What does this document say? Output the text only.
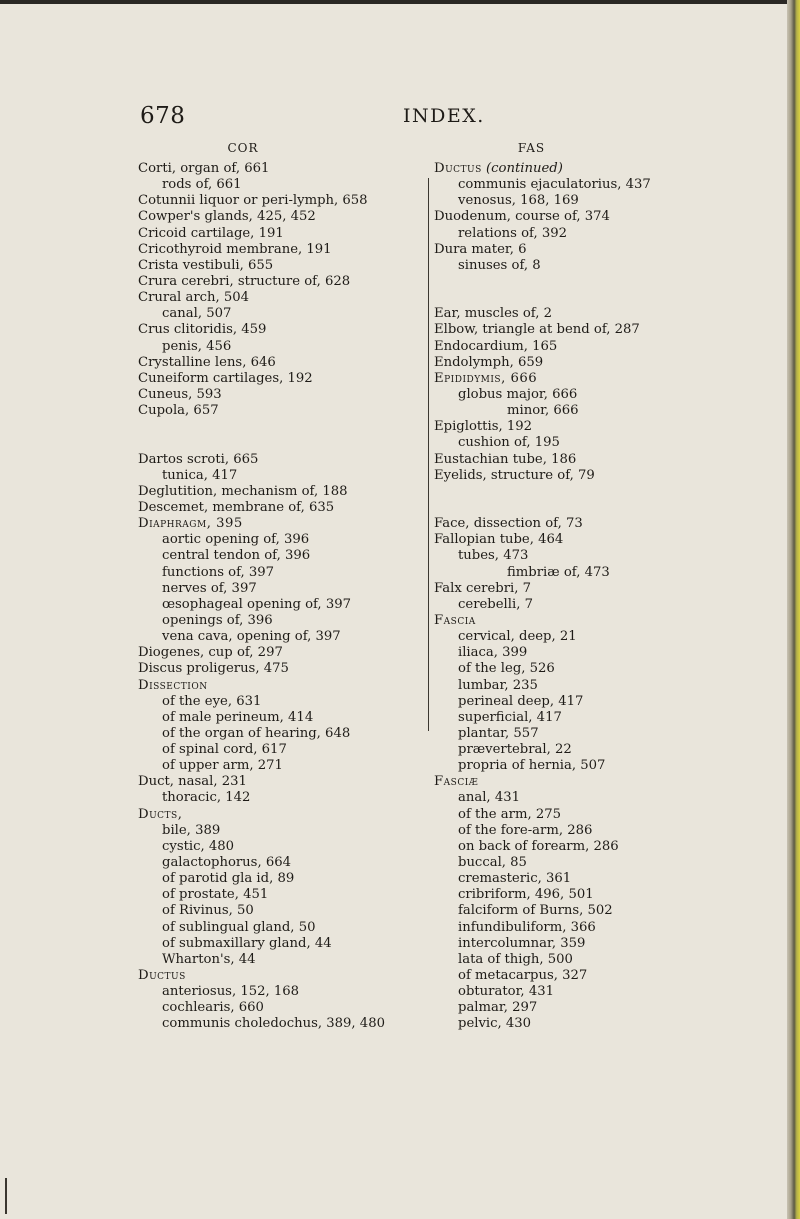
678	INDEX.
COR
Corti, organ of, 661
rods of, 661
Cotunnii liquor or peri-lymph, 658
Cowper's glands, 425, 452
Cricoid cartilage, 191
Cricothyroid membrane, 191
Crista vestibuli, 655
Crura cerebri, structure of, 628
Crural arch, 504
canal, 507
Crus clitoridis, 459
penis, 456
Crystalline lens, 646
Cuneiform cartilages, 192
Cuneus, 593
Cupola, 657
Dartos scroti, 665
tunica, 417
Deglutition, mechanism of, 188
Descemet, membrane of, 635
Diaphragm, 395
aortic opening of, 396
central tendon of, 396
functions of, 397
nerves of, 397
œsophageal opening of, 397
openings of, 396
vena cava, opening of, 397
Diogenes, cup of, 297
Discus proligerus, 475
Dissection
of the eye, 631
of male perineum, 414
of the organ of hearing, 648
of spinal cord, 617
of upper arm, 271
Duct, nasal, 231
thoracic, 142
Ducts,
bile, 389
cystic, 480
galactophorus, 664
of parotid gla id, 89
of prostate, 451
of Rivinus, 50
of sublingual gland, 50
of submaxillary gland, 44
Wharton's, 44
Ductus
anteriosus, 152, 168
cochlearis, 660
communis choledochus, 389, 480
FAS
Ductus (continued)
communis ejaculatorius, 437
venosus, 168, 169
Duodenum, course of, 374
relations of, 392
Dura mater, 6
sinuses of, 8
Ear, muscles of, 2
Elbow, triangle at bend of, 287
Endocardium, 165
Endolymph, 659
Epididymis, 666
globus major, 666
minor, 666
Epiglottis, 192
cushion of, 195
Eustachian tube, 186
Eyelids, structure of, 79
Face, dissection of, 73
Fallopian tube, 464
tubes, 473
fimbriæ of, 473
Falx cerebri, 7
cerebelli, 7
Fascia
cervical, deep, 21
iliaca, 399
of the leg, 526
lumbar, 235
perineal deep, 417
superficial, 417
plantar, 557
prævertebral, 22
propria of hernia, 507
Fasciæ
anal, 431
of the arm, 275
of the fore-arm, 286
on back of forearm, 286
buccal, 85
cremasteric, 361
cribriform, 496, 501
falciform of Burns, 502
infundibuliform, 366
intercolumnar, 359
lata of thigh, 500
of metacarpus, 327
obturator, 431
palmar, 297
pelvic, 430
